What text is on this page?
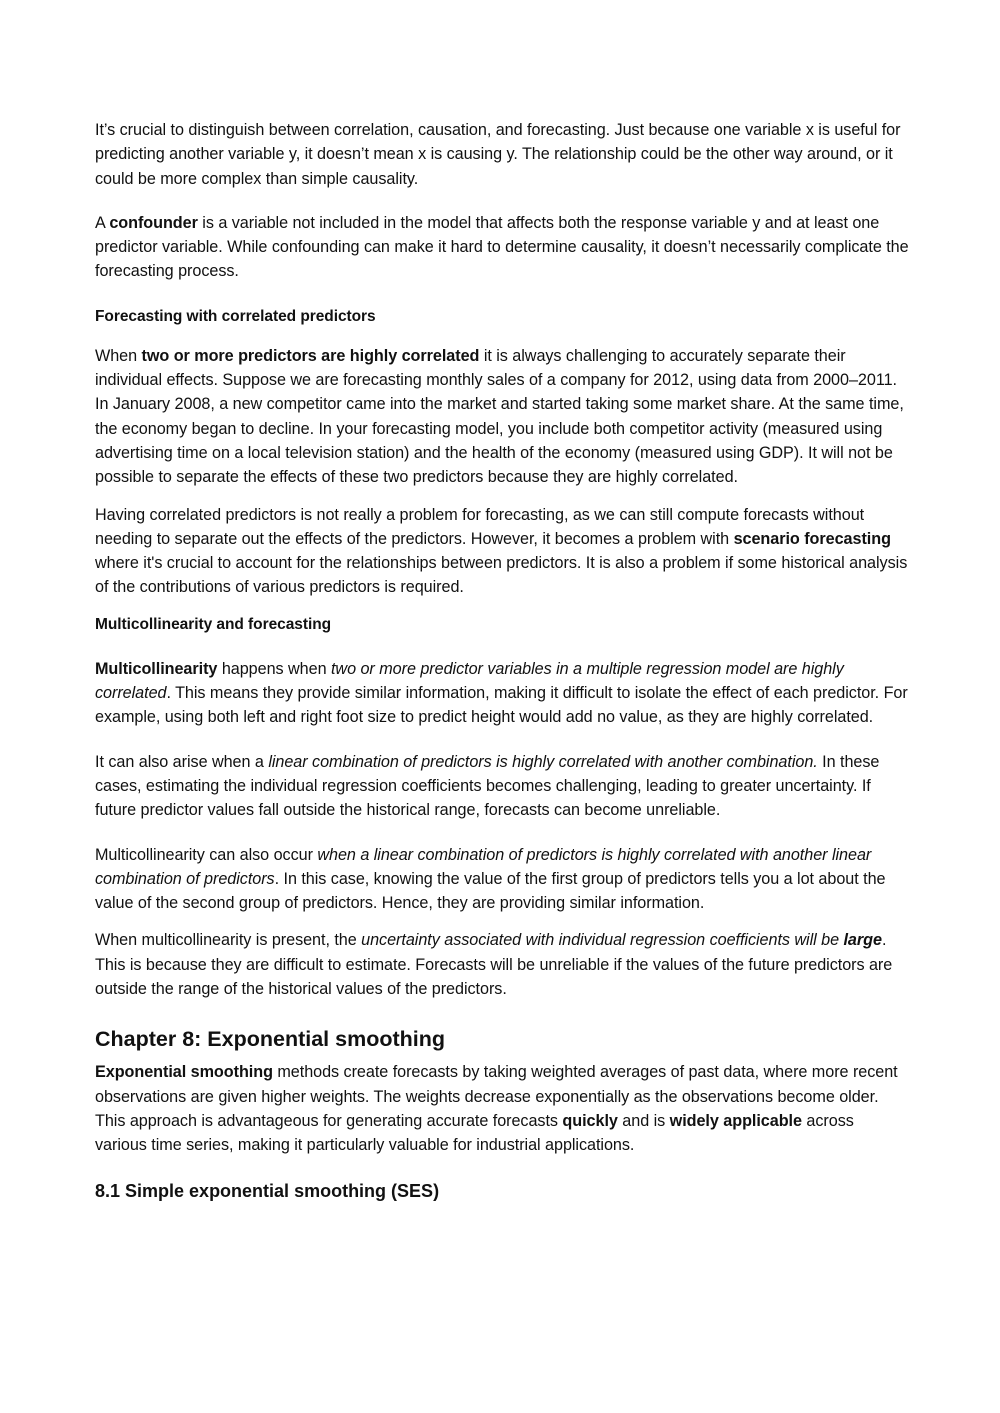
It’s crucial to distinguish between correlation, causation, and forecasting. Just because one variable x is useful for predicting another variable y, it doesn’t mean x is causing y. The relationship could be the other way around, or it could be more complex than simple causality.

A confounder is a variable not included in the model that affects both the response variable y and at least one predictor variable. While confounding can make it hard to determine causality, it doesn’t necessarily complicate the forecasting process.

Forecasting with correlated predictors

When two or more predictors are highly correlated it is always challenging to accurately separate their individual effects. Suppose we are forecasting monthly sales of a company for 2012, using data from 2000–2011. In January 2008, a new competitor came into the market and started taking some market share. At the same time, the economy began to decline. In your forecasting model, you include both competitor activity (measured using advertising time on a local television station) and the health of the economy (measured using GDP). It will not be possible to separate the effects of these two predictors because they are highly correlated.

Having correlated predictors is not really a problem for forecasting, as we can still compute forecasts without needing to separate out the effects of the predictors. However, it becomes a problem with scenario forecasting where it's crucial to account for the relationships between predictors. It is also a problem if some historical analysis of the contributions of various predictors is required.

Multicollinearity and forecasting

Multicollinearity happens when two or more predictor variables in a multiple regression model are highly correlated. This means they provide similar information, making it difficult to isolate the effect of each predictor. For example, using both left and right foot size to predict height would add no value, as they are highly correlated.

It can also arise when a linear combination of predictors is highly correlated with another combination. In these cases, estimating the individual regression coefficients becomes challenging, leading to greater uncertainty. If future predictor values fall outside the historical range, forecasts can become unreliable.

Multicollinearity can also occur when a linear combination of predictors is highly correlated with another linear combination of predictors. In this case, knowing the value of the first group of predictors tells you a lot about the value of the second group of predictors. Hence, they are providing similar information.

When multicollinearity is present, the uncertainty associated with individual regression coefficients will be large. This is because they are difficult to estimate. Forecasts will be unreliable if the values of the future predictors are outside the range of the historical values of the predictors.

Chapter 8: Exponential smoothing

Exponential smoothing methods create forecasts by taking weighted averages of past data, where more recent observations are given higher weights. The weights decrease exponentially as the observations become older. This approach is advantageous for generating accurate forecasts quickly and is widely applicable across various time series, making it particularly valuable for industrial applications.

8.1 Simple exponential smoothing (SES)
